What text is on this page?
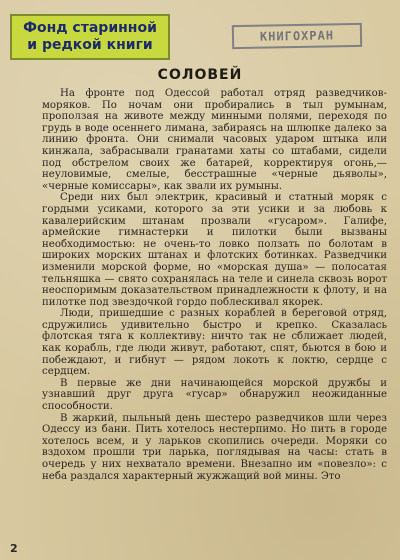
Фонд старинной
и редкой книги
КНИГОХРАН
СОЛОВЕЙ

На фронте под Одессой работал отряд разведчиков-моряков. По ночам они пробирались в тыл румынам, проползая на животе между минными полями, переходя по грудь в воде осеннего лимана, забираясь на шлюпке далеко за линию фронта. Они снимали часовых ударом штыка или кинжала, забрасывали гранатами хаты со штабами, сидели под обстрелом своих же батарей, корректируя огонь,— неуловимые, смелые, бесстрашные «черные дьяволы», «черные комиссары», как звали их румыны.

Среди них был электрик, красивый и статный моряк с гордыми усиками, которого за эти усики и за любовь к кавалерийским штанам прозвали «гусаром». Галифе, армейские гимнастерки и пилотки были вызваны необходимостью: не очень-то ловко ползать по болотам в широких морских штанах и флотских ботинках. Разведчики изменили морской форме, но «морская душа» — полосатая тельняшка — свято сохранялась на теле и синела сквозь ворот неоспоримым доказательством принадлежности к флоту, и на пилотке под звездочкой гордо поблескивал якорек.

Люди, пришедшие с разных кораблей в береговой отряд, сдружились удивительно быстро и крепко. Сказалась флотская тяга к коллективу: ничто так не сближает людей, как корабль, где люди живут, работают, спят, бьются в бою и побеждают, и гибнут — рядом локоть к локтю, сердце с сердцем.

В первые же дни начинающейся морской дружбы и узнавший друг друга «гусар» обнаружил неожиданные способности.

В жаркий, пыльный день шестеро разведчиков шли через Одессу из бани. Пить хотелось нестерпимо. Но пить в городе хотелось всем, и у ларьков скопились очереди. Моряки со вздохом прошли три ларька, поглядывая на часы: стать в очередь у них нехватало времени. Внезапно им «повезло»: с неба раздался характерный жужжащий вой мины. Это

2
